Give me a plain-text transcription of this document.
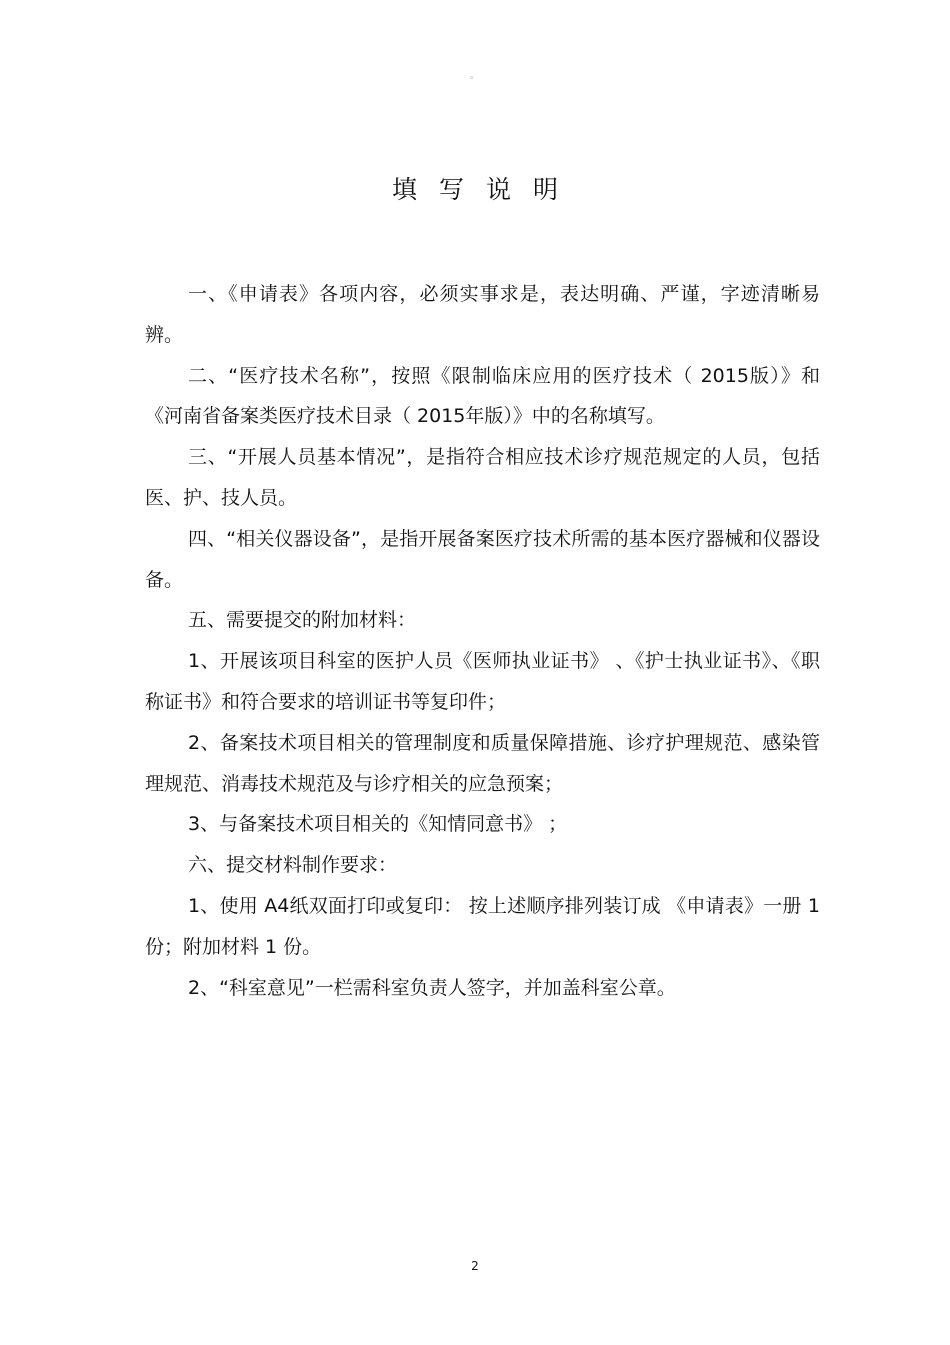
。
填写说明

一、《申请表》各项内容，必须实事求是，表达明确、严谨，字迹清晰易辨。

二、“医疗技术名称”，按照《限制临床应用的医疗技术（ 2015版）》和《河南省备案类医疗技术目录（ 2015年版）》中的名称填写。

三、“开展人员基本情况”，是指符合相应技术诊疗规范规定的人员，包括医、护、技人员。

四、“相关仪器设备”，是指开展备案医疗技术所需的基本医疗器械和仪器设备。

五、需要提交的附加材料：

1、开展该项目科室的医护人员《医师执业证书》 、《护士执业证书》、《职称证书》和符合要求的培训证书等复印件；

2、备案技术项目相关的管理制度和质量保障措施、诊疗护理规范、感染管理规范、消毒技术规范及与诊疗相关的应急预案；

3、与备案技术项目相关的《知情同意书》 ；

六、提交材料制作要求：

1、使用 A4纸双面打印或复印： 按上述顺序排列装订成 《申请表》一册 1 份；附加材料 1 份。

2、“科室意见”一栏需科室负责人签字，并加盖科室公章。

2
